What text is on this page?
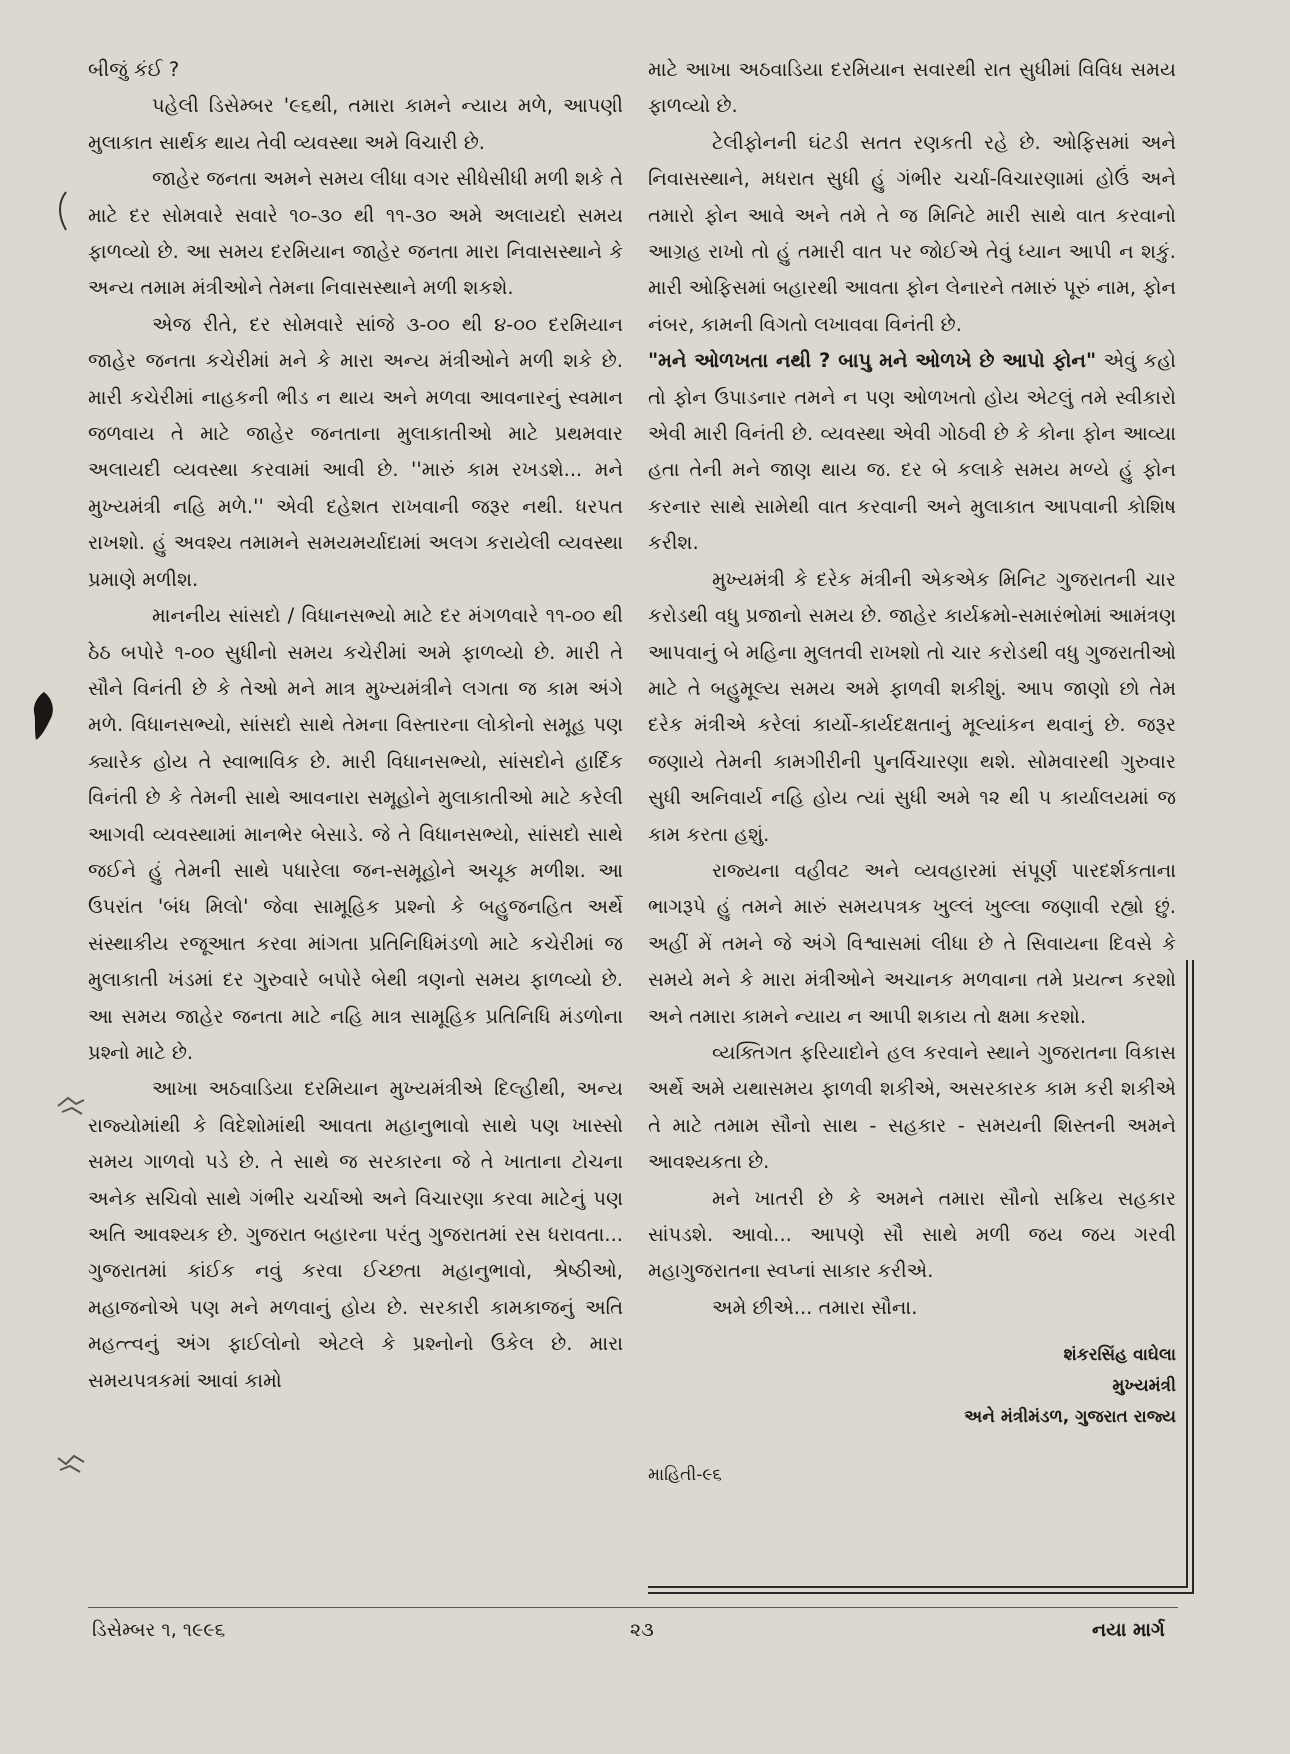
બીજું કંઈ ?

પહેલી ડિસેમ્બર '૯૬થી, તમારા કામને ન્યાય મળે, આપણી મુલાકાત સાર્થક થાય તેવી વ્યવસ્થા અમે વિચારી છે.

જાહેર જનતા અમને સમય લીધા વગર સીધેસીધી મળી શકે તે માટે દર સોમવારે સવારે ૧૦-૩૦ થી ૧૧-૩૦ અમે અલાયદો સમય ફાળવ્યો છે. આ સમય દરમિયાન જાહેર જનતા મારા નિવાસસ્થાને કે અન્ય તમામ મંત્રીઓને તેમના નિવાસસ્થાને મળી શકશે.

એજ રીતે, દર સોમવારે સાંજે ૩-૦૦ થી ૪-૦૦ દરમિયાન જાહેર જનતા કચેરીમાં મને કે મારા અન્ય મંત્રીઓને મળી શકે છે. મારી કચેરીમાં નાહકની ભીડ ન થાય અને મળવા આવનારનું સ્વમાન જળવાય તે માટે જાહેર જનતાના મુલાકાતીઓ માટે પ્રથમવાર અલાયદી વ્યવસ્થા કરવામાં આવી છે. ''મારું કામ રખડશે... મને મુખ્યમંત્રી નહિ મળે.'' એવી દહેશત રાખવાની જરૂર નથી. ધરપત રાખશો. હું અવશ્ય તમામને સમયમર્યાદામાં અલગ કરાયેલી વ્યવસ્થા પ્રમાણે મળીશ.

માનનીય સાંસદો / વિધાનસભ્યો માટે દર મંગળવારે ૧૧-૦૦ થી ઠેઠ બપોરે ૧-૦૦ સુધીનો સમય કચેરીમાં અમે ફાળવ્યો છે. મારી તે સૌને વિનંતી છે કે તેઓ મને માત્ર મુખ્યમંત્રીને લગતા જ કામ અંગે મળે. વિધાનસભ્યો, સાંસદો સાથે તેમના વિસ્તારના લોકોનો સમૂહ પણ ક્યારેક હોય તે સ્વાભાવિક છે. મારી વિધાનસભ્યો, સાંસદોને હાર્દિક વિનંતી છે કે તેમની સાથે આવનારા સમૂહોને મુલાકાતીઓ માટે કરેલી આગવી વ્યવસ્થામાં માનભેર બેસાડે. જે તે વિધાનસભ્યો, સાંસદો સાથે જઈને હું તેમની સાથે પધારેલા જન-સમૂહોને અચૂક મળીશ. આ ઉપરાંત 'બંધ મિલો' જેવા સામૂહિક પ્રશ્નો કે બહુજનહિત અર્થે સંસ્થાકીય રજૂઆત કરવા માંગતા પ્રતિનિધિમંડળો માટે કચેરીમાં જ મુલાકાતી ખંડમાં દર ગુરુવારે બપોરે બેથી ત્રણનો સમય ફાળવ્યો છે. આ સમય જાહેર જનતા માટે નહિ માત્ર સામૂહિક પ્રતિનિધિ મંડળોના પ્રશ્નો માટે છે.

આખા અઠવાડિયા દરમિયાન મુખ્યમંત્રીએ દિલ્હીથી, અન્ય રાજ્યોમાંથી કે વિદેશોમાંથી આવતા મહાનુભાવો સાથે પણ ખાસ્સો સમય ગાળવો પડે છે. તે સાથે જ સરકારના જે તે ખાતાના ટોચના અનેક સચિવો સાથે ગંભીર ચર્ચાઓ અને વિચારણા કરવા માટેનું પણ અતિ આવશ્યક છે. ગુજરાત બહારના પરંતુ ગુજરાતમાં રસ ધરાવતા... ગુજરાતમાં કાંઈક નવું કરવા ઈચ્છતા મહાનુભાવો, શ્રેષ્ઠીઓ, મહાજનોએ પણ મને મળવાનું હોય છે. સરકારી કામકાજનું અતિ મહત્ત્વનું અંગ ફાઈલોનો એટલે કે પ્રશ્નોનો ઉકેલ છે. મારા સમયપત્રકમાં આવાં કામો

માટે આખા અઠવાડિયા દરમિયાન સવારથી રાત સુધીમાં વિવિધ સમય ફાળવ્યો છે.

ટેલીફોનની ઘંટડી સતત રણકતી રહે છે. ઓફિસમાં અને નિવાસસ્થાને, મધરાત સુધી હું ગંભીર ચર્ચા-વિચારણામાં હોઉં અને તમારો ફોન આવે અને તમે તે જ મિનિટે મારી સાથે વાત કરવાનો આગ્રહ રાખો તો હું તમારી વાત પર જોઈએ તેવું ધ્યાન આપી ન શકું. મારી ઓફિસમાં બહારથી આવતા ફોન લેનારને તમારું પૂરું નામ, ફોન નંબર, કામની વિગતો લખાવવા વિનંતી છે.

"મને ઓળખતા નથી ? બાપુ મને ઓળખે છે આપો ફોન" એવું કહો તો ફોન ઉપાડનાર તમને ન પણ ઓળખતો હોય એટલું તમે સ્વીકારો એવી મારી વિનંતી છે. વ્યવસ્થા એવી ગોઠવી છે કે કોના ફોન આવ્યા હતા તેની મને જાણ થાય જ. દર બે કલાકે સમય મળ્યે હું ફોન કરનાર સાથે સામેથી વાત કરવાની અને મુલાકાત આપવાની કોશિષ કરીશ.

મુખ્યમંત્રી કે દરેક મંત્રીની એકએક મિનિટ ગુજરાતની ચાર કરોડથી વધુ પ્રજાનો સમય છે. જાહેર કાર્યક્રમો-સમારંભોમાં આમંત્રણ આપવાનું બે મહિના મુલતવી રાખશો તો ચાર કરોડથી વધુ ગુજરાતીઓ માટે તે બહુમૂલ્ય સમય અમે ફાળવી શકીશું. આપ જાણો છો તેમ દરેક મંત્રીએ કરેલાં કાર્યો-કાર્યદક્ષતાનું મૂલ્યાંકન થવાનું છે. જરૂર જણાયે તેમની કામગીરીની પુનર્વિચારણા થશે. સોમવારથી ગુરુવાર સુધી અનિવાર્ય નહિ હોય ત્યાં સુધી અમે ૧૨ થી ૫ કાર્યાલયમાં જ કામ કરતા હશું.

રાજ્યના વહીવટ અને વ્યવહારમાં સંપૂર્ણ પારદર્શકતાના ભાગરૂપે હું તમને મારું સમયપત્રક ખુલ્લં ખુલ્લા જણાવી રહ્યો છું. અહીં મેં તમને જે અંગે વિશ્વાસમાં લીધા છે તે સિવાયના દિવસે કે સમયે મને કે મારા મંત્રીઓને અચાનક મળવાના તમે પ્રયત્ન કરશો અને તમારા કામને ન્યાય ન આપી શકાય તો ક્ષમા કરશો.

વ્યક્તિગત ફરિયાદોને હલ કરવાને સ્થાને ગુજરાતના વિકાસ અર્થે અમે યથાસમય ફાળવી શકીએ, અસરકારક કામ કરી શકીએ તે માટે તમામ સૌનો સાથ - સહકાર - સમયની શિસ્તની અમને આવશ્યકતા છે.

મને ખાતરી છે કે અમને તમારા સૌનો સક્રિય સહકાર સાંપડશે. આવો... આપણે સૌ સાથે મળી જય જય ગરવી મહાગુજરાતના સ્વપ્નાં સાકાર કરીએ.

અમે છીએ... તમારા સૌના.

શંકરસિંહ વાઘેલા
મુખ્યમંત્રી
અને મંત્રીમંડળ, ગુજરાત રાજ્ય
માહિતી-૯૬
ડિસેમ્બર ૧, ૧૯૯૬	૨૩	નયા માર્ગ
